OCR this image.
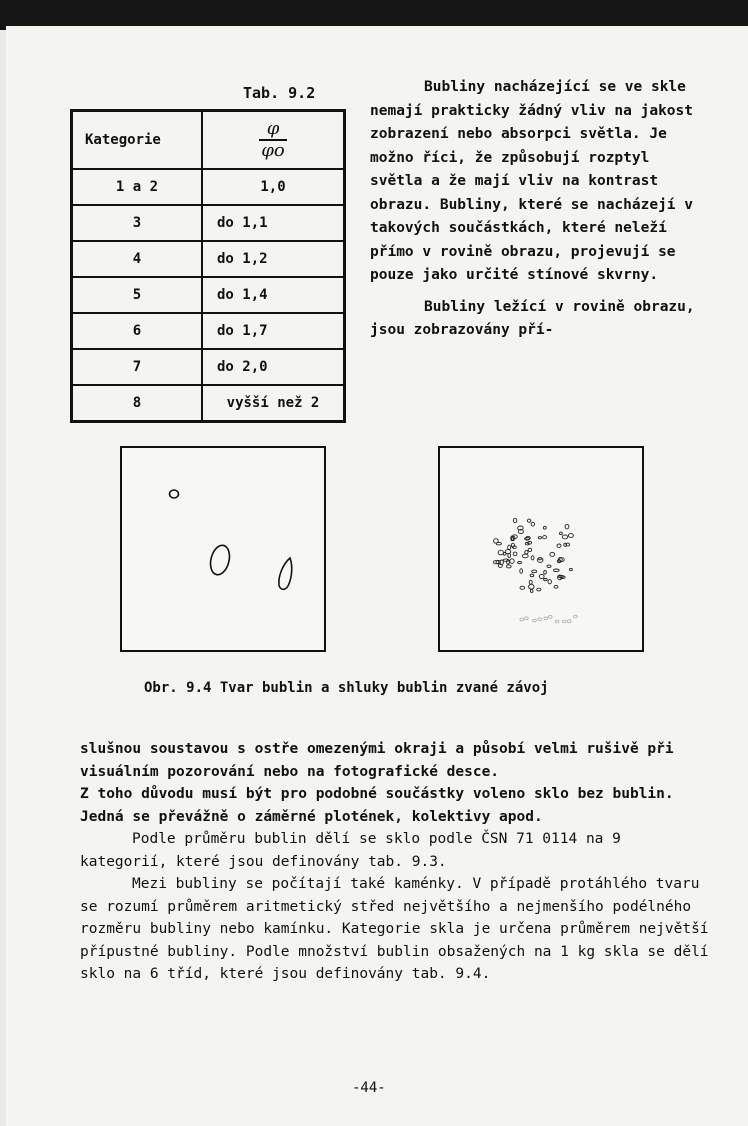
Tab. 9.2
Kategorie	$\frac{\varphi}{\varphi o}$

1 a 2	1,0
3	do 1,1
4	do 1,2
5	do 1,4
6	do 1,7
7	do 2,0
8	vyšší než 2

Bubliny nacházející se ve skle nemají prakticky žádný vliv na jakost zobrazení nebo absorpci světla. Je možno říci, že způsobují rozptyl světla a že mají vliv na kontrast obrazu. Bubliny, které se nacházejí v takových součástkách, které neleží přímo v rovině obrazu, projevují se pouze jako určité stínové skvrny.

Bubliny ležící v rovině obrazu, jsou zobrazovány pří-

Obr. 9.4 Tvar bublin a shluky bublin zvané závoj

slušnou soustavou s ostře omezenými okraji a působí velmi rušivě při visuálním pozorování nebo na fotografické desce.

Z toho důvodu musí být pro podobné součástky voleno sklo bez bublin. Jedná se převážně o záměrné plotének, kolektivy apod.

Podle průměru bublin dělí se sklo podle ČSN 71 0114 na 9 kategorií, které jsou definovány tab. 9.3.

Mezi bubliny se počítají také kaménky. V případě protáhlého tvaru se rozumí průměrem aritmetický střed největšího a nejmenšího podélného rozměru bubliny nebo kamínku. Kategorie skla je určena průměrem největší přípustné bubliny. Podle množství bublin obsažených na 1 kg skla se dělí sklo na 6 tříd, které jsou definovány tab. 9.4.

-44-
